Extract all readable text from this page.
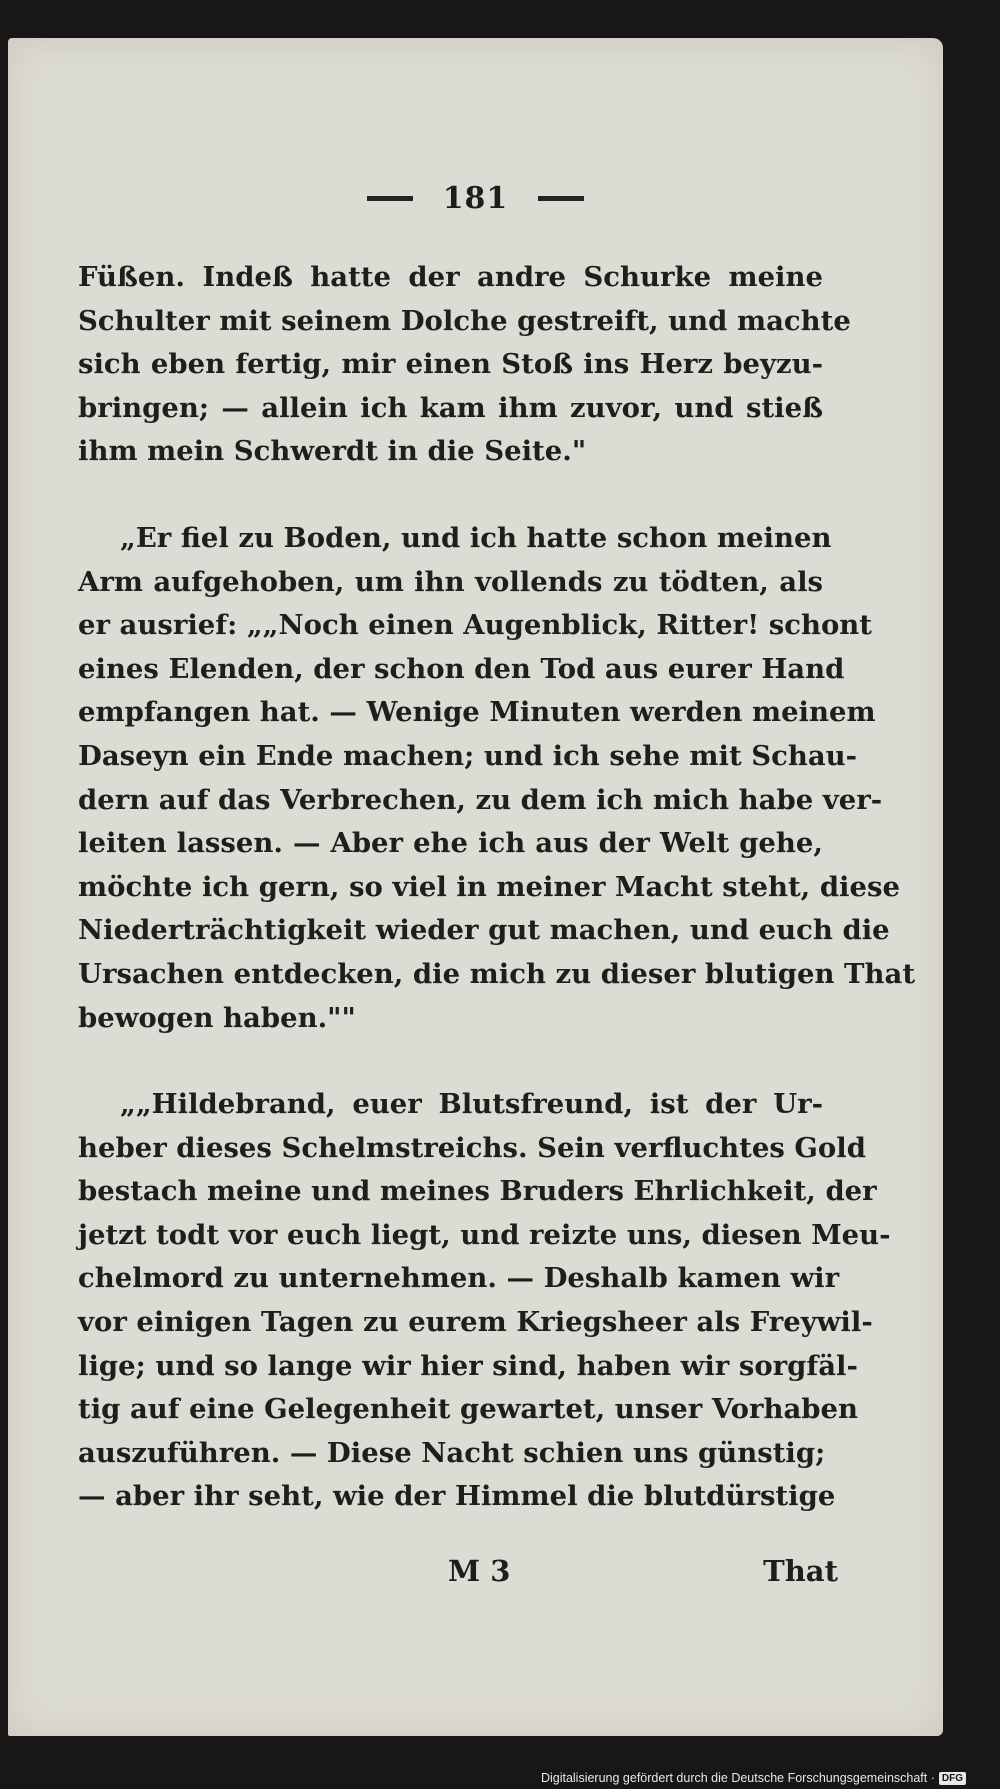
181
Füßen. Indeß hatte der andre Schurke meine
Schulter mit seinem Dolche gestreift, und machte
sich eben fertig, mir einen Stoß ins Herz beyzu-
bringen; — allein ich kam ihm zuvor, und stieß
ihm mein Schwerdt in die Seite."
„Er fiel zu Boden, und ich hatte schon meinen
Arm aufgehoben, um ihn vollends zu tödten, als
er ausrief: „„Noch einen Augenblick, Ritter! schont
eines Elenden, der schon den Tod aus eurer Hand
empfangen hat. — Wenige Minuten werden meinem
Daseyn ein Ende machen; und ich sehe mit Schau-
dern auf das Verbrechen, zu dem ich mich habe ver-
leiten lassen. — Aber ehe ich aus der Welt gehe,
möchte ich gern, so viel in meiner Macht steht, diese
Niederträchtigkeit wieder gut machen, und euch die
Ursachen entdecken, die mich zu dieser blutigen That
bewogen haben.""
„„Hildebrand, euer Blutsfreund, ist der Ur-
heber dieses Schelmstreichs. Sein verfluchtes Gold
bestach meine und meines Bruders Ehrlichkeit, der
jetzt todt vor euch liegt, und reizte uns, diesen Meu-
chelmord zu unternehmen. — Deshalb kamen wir
vor einigen Tagen zu eurem Kriegsheer als Freywil-
lige; und so lange wir hier sind, haben wir sorgfäl-
tig auf eine Gelegenheit gewartet, unser Vorhaben
auszuführen. — Diese Nacht schien uns günstig;
— aber ihr seht, wie der Himmel die blutdürstige
M 3	That
Digitalisierung gefördert durch die Deutsche Forschungsgemeinschaft · DFG
